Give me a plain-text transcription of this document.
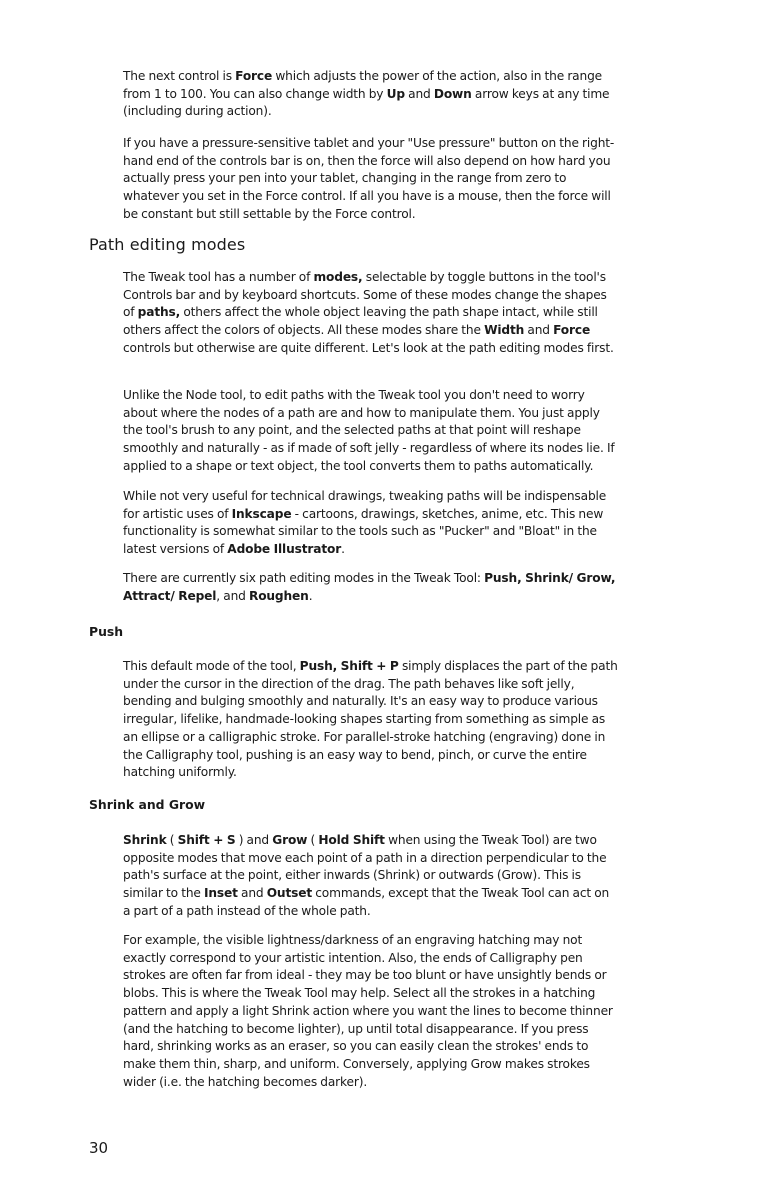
The next control is Force which adjusts the power of the action, also in the range from 1 to 100. You can also change width by Up and Down arrow keys at any time (including during action).

If you have a pressure-sensitive tablet and your "Use pressure" button on the right-hand end of the controls bar is on, then the force will also depend on how hard you actually press your pen into your tablet, changing in the range from zero to whatever you set in the Force control. If all you have is a mouse, then the force will be constant but still settable by the Force control.

Path editing modes

The Tweak tool has a number of modes, selectable by toggle buttons in the tool's Controls bar and by keyboard shortcuts. Some of these modes change the shapes of paths, others affect the whole object leaving the path shape intact, while still others affect the colors of objects. All these modes share the Width and Force controls but otherwise are quite different. Let's look at the path editing modes first.

Unlike the Node tool, to edit paths with the Tweak tool you don't need to worry about where the nodes of a path are and how to manipulate them. You just apply the tool's brush to any point, and the selected paths at that point will reshape smoothly and naturally - as if made of soft jelly - regardless of where its nodes lie. If applied to a shape or text object, the tool converts them to paths automatically.

While not very useful for technical drawings, tweaking paths will be indispensable for artistic uses of Inkscape - cartoons, drawings, sketches, anime, etc. This new functionality is somewhat similar to the tools such as "Pucker" and "Bloat" in the latest versions of Adobe Illustrator.

There are currently six path editing modes in the Tweak Tool: Push, Shrink/ Grow, Attract/ Repel, and Roughen.

Push

This default mode of the tool, Push, Shift + P simply displaces the part of the path under the cursor in the direction of the drag. The path behaves like soft jelly, bending and bulging smoothly and naturally. It's an easy way to produce various irregular, lifelike, handmade-looking shapes starting from something as simple as an ellipse or a calligraphic stroke. For parallel-stroke hatching (engraving) done in the Calligraphy tool, pushing is an easy way to bend, pinch, or curve the entire hatching uniformly.

Shrink and Grow

Shrink ( Shift + S ) and Grow ( Hold Shift when using the Tweak Tool) are two opposite modes that move each point of a path in a direction perpendicular to the path's surface at the point, either inwards (Shrink) or outwards (Grow). This is similar to the Inset and Outset commands, except that the Tweak Tool can act on a part of a path instead of the whole path.

For example, the visible lightness/darkness of an engraving hatching may not exactly correspond to your artistic intention. Also, the ends of Calligraphy pen strokes are often far from ideal - they may be too blunt or have unsightly bends or blobs. This is where the Tweak Tool may help. Select all the strokes in a hatching pattern and apply a light Shrink action where you want the lines to become thinner (and the hatching to become lighter), up until total disappearance. If you press hard, shrinking works as an eraser, so you can easily clean the strokes' ends to make them thin, sharp, and uniform. Conversely, applying Grow makes strokes wider (i.e. the hatching becomes darker).

30
